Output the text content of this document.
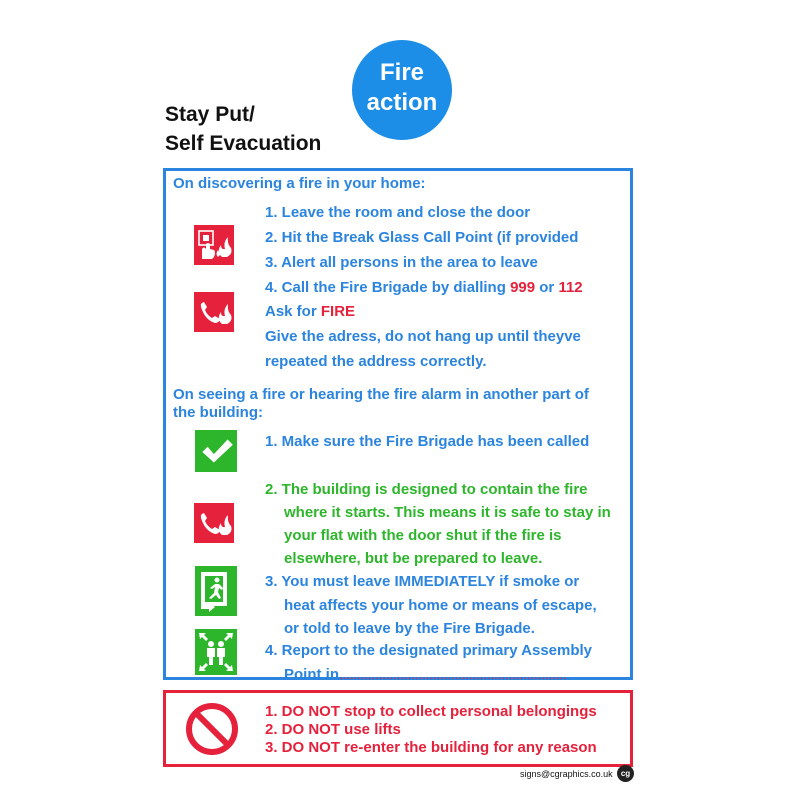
Fire
action
Stay Put/
Self Evacuation
On discovering a fire in your home:
1. Leave the room and close the door
2. Hit the Break Glass Call Point (if provided
3. Alert all persons in the area to leave
4. Call the Fire Brigade by dialling 999 or 112
Ask for FIRE
Give the adress, do not hang up until theyve
repeated the address correctly.
On seeing a fire or hearing the fire alarm in another part of
the building:
1. Make sure the Fire Brigade has been called
2. The building is designed to contain the fire
where it starts. This means it is safe to stay in
your flat with the door shut if the fire is
elsewhere, but be prepared to leave.
3. You must leave IMMEDIATELY if smoke or
heat affects your home or means of escape,
or told to leave by the Fire Brigade.
4. Report to the designated primary Assembly
Point in...............................................................
1. DO NOT stop to collect personal belongings
2. DO NOT use lifts
3. DO NOT re-enter the building for any reason
signs@cgraphics.co.uk	cg
